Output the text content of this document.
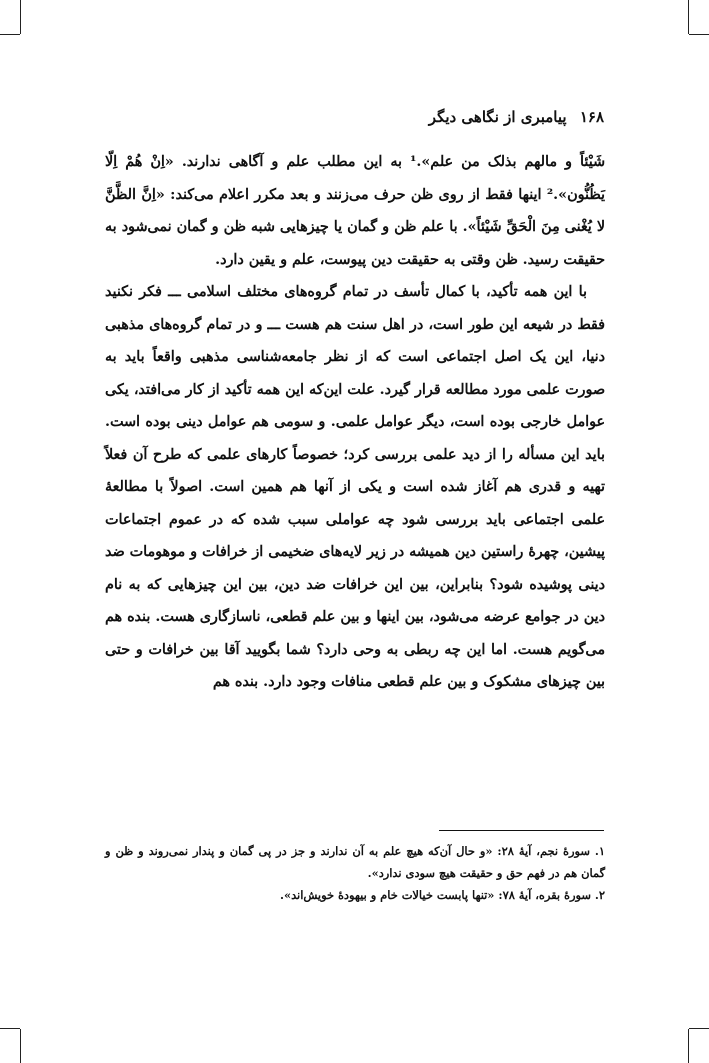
۱۶۸ پیامبری از نگاهی دیگر

شَيْئاً و مالهم بذلک من علم».¹ به این مطلب علم و آگاهی ندارند. «اِنْ هُمْ اِلّا يَظُنُّون».² اینها فقط از روی ظن حرف می‌زنند و بعد مکرر اعلام می‌کند: «اِنَّ الظَّنَّ لا يُغْنى مِنَ الْحَقِّ شَيْئاً». با علم ظن و گمان یا چیزهایی شبه ظن و گمان نمی‌شود به حقیقت رسید. ظن وقتی به حقیقت دین پیوست، علم و یقین دارد.

با این همه تأکید، با کمال تأسف در تمام گروه‌های مختلف اسلامی ـــ فکر نکنید فقط در شیعه این طور است، در اهل سنت هم هست ـــ و در تمام گروه‌های مذهبی دنیا، این یک اصل اجتماعی است که از نظر جامعه‌شناسی مذهبی واقعاً باید به صورت علمی مورد مطالعه قرار گیرد. علت این‌که این همه تأکید از کار می‌افتد، یکی عوامل خارجی بوده است، دیگر عوامل علمی. و سومی هم عوامل دینی بوده است. باید این مسأله را از دید علمی بررسی کرد؛ خصوصاً کارهای علمی که طرح آن فعلاً تهیه و قدری هم آغاز شده است و یکی از آنها هم همین است. اصولاً با مطالعهٔ علمی اجتماعی باید بررسی شود چه عواملی سبب شده که در عموم اجتماعات پیشین، چهرهٔ راستین دین همیشه در زیر لایه‌های ضخیمی از خرافات و موهومات ضد دینی پوشیده شود؟ بنابراین، بین این خرافات ضد دین، بین این چیزهایی که به نام دین در جوامع عرضه می‌شود، بین اینها و بین علم قطعی، ناسازگاری هست. بنده هم می‌گویم هست. اما این چه ربطی به وحی دارد؟ شما بگویید آقا بین خرافات و حتی بین چیزهای مشکوک و بین علم قطعی منافات وجود دارد. بنده هم

۱. سورهٔ نجم، آیهٔ ۲۸: «و حال آن‌که هیچ علم به آن ندارند و جز در پی گمان و پندار نمی‌روند و ظن و گمان هم در فهم حق و حقیقت هیچ سودی ندارد».

۲. سورهٔ بقره، آیهٔ ۷۸: «تنها پابست خیالات خام و بیهودهٔ خویش‌اند».
